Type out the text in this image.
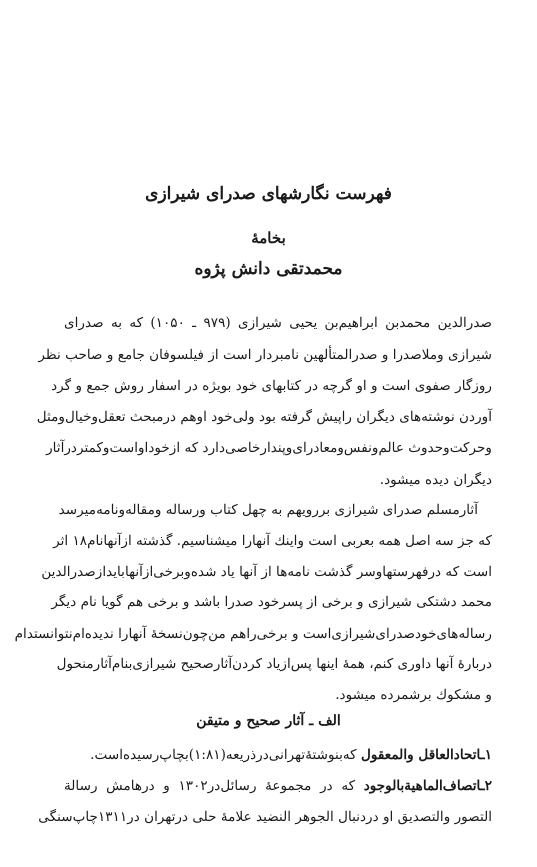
فهرست نگارشهای صدرای شیرازی
بخامهٔ
محمدتقی دانش پژوه
صدرالدین محمدبن ابراهیم‌بن یحیی شیرازی (۹۷۹ ـ ۱۰۵۰) که به صدرای
شیرازی وملاصدرا و صدرالمتألهین نامبردار است از فیلسوفان جامع و صاحب نظر
روزگار صفوی است و او گرچه در کتابهای خود بویژه در اسفار روش جمع و گرد
آوردن نوشته‌های دیگران راپیش گرفته بود ولی‌خود اوهم درمبحث تعقل‌وخیال‌ومثل
وحرکت‌وحدوث عالم‌ونفس‌ومعادرای‌وپندارخاصی‌دارد که ازخوداواست‌وکمتردرآثار
دیگران دیده میشود.
آثارمسلم صدرای شیرازی بررویهم به چهل کتاب ورساله ومقاله‌ونامه‌میرسد
که جز سه اصل همه بعربی است واینك آنهارا میشناسیم. گذشته ازآنهانام۱۸ اثر
است که درفهرستهاوسر گذشت نامه‌ها از آنها یاد شده‌وبرخی‌ازآنهاباید‌ازصدرالدین
محمد دشتکی شیرازی و برخی از پسرخود صدرا باشد و برخی هم گویا نام دیگر
رساله‌های‌خودصدرای‌شیرازی‌است و برخی‌راهم من‌چون‌نسخهٔ آنهارا ندیده‌ام‌نتوانستدام
دربارهٔ آنها داوری کنم، همهٔ اینها پس‌ازیاد کردن‌آثارصحیح شیرازی‌بنام‌آثارمنحول
و مشکوك برشمرده میشود.
الف ـ آثار صحیح و متیقن
۱ـاتحادالعاقل والمعقول که‌بنوشتهٔ‌تهرانی‌درذریعه(۱:۸۱)بچاپ‌رسیده‌است.
۲ـاتصاف‌الماهیة‌بالوجود که در مجموعهٔ رسائل‌در۱۳۰۲ و درهامش رسالة
التصور والتصدیق او دردنبال الجوهر النضید علامهٔ حلی درتهران در۱۳۱۱چاپ‌سنگی
